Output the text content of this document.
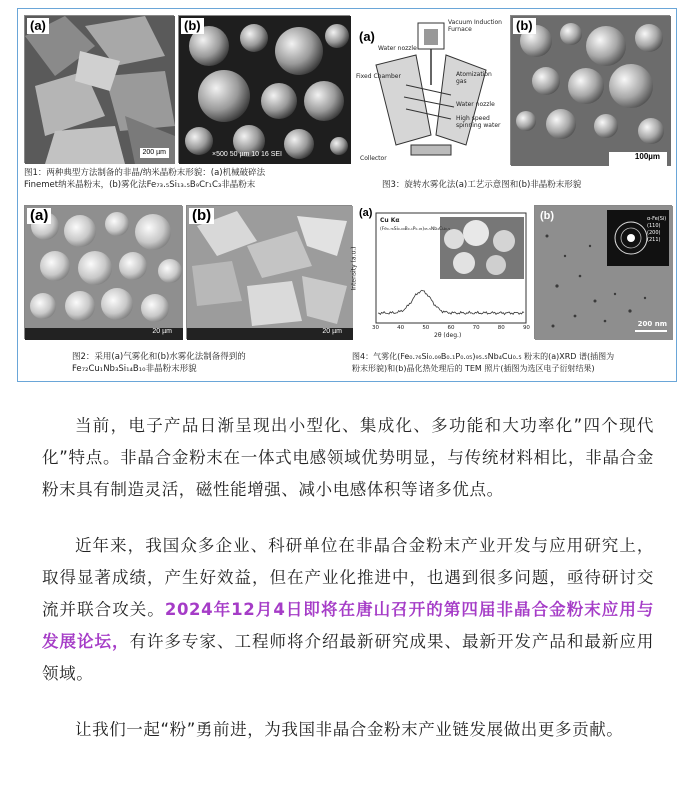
(a)
200 µm
(b)
×500 50 µm 10 16 SEI
图1：两种典型方法制备的非晶/纳米晶粉末形貌：(a)机械破碎法
Finemet纳米晶粉末，(b)雾化法Fe₇₃.₅Si₁₃.₅B₉Cr₁C₃非晶粉末
(a)
Vacuum Induction Furnace
Water nozzle
Fixed Chamber	Atomization gas
Water nozzle
High speed spinning water
Collector
(b)
100µm
图3：旋转水雾化法(a)工艺示意图和(b)非晶粉末形貌
(a)
20 µm
(b)
20 µm
图2：采用(a)气雾化和(b)水雾化法制备得到的
Fe₇₂Cu₁Nb₃Si₁₄B₁₀非晶粉末形貌
(a)
Cu Kα
(Fe₀.₇₆Si₀.₀₉B₀.₁P₀.₀₅)₉₅.₅Nb₄Cu₀.₅
Intensity (a.u.)
30	40	50	60	70	80	90
2θ (deg.)
(b)	α-Fe(Si)
(110)
(200)
(211)
200 nm
图4：气雾化(Fe₀.₇₆Si₀.₀₉B₀.₁P₀.₀₅)₉₅.₅Nb₄Cu₀.₅ 粉末的(a)XRD 谱(插图为
粉末形貌)和(b)晶化热处理后的 TEM 照片(插图为选区电子衍射结果)

当前，电子产品日渐呈现出小型化、集成化、多功能和大功率化”四个现代化”特点。非晶合金粉末在一体式电感领域优势明显，与传统材料相比，非晶合金粉末具有制造灵活，磁性能增强、减小电感体积等诸多优点。

近年来，我国众多企业、科研单位在非晶合金粉末产业开发与应用研究上，取得显著成绩，产生好效益，但在产业化推进中，也遇到很多问题，亟待研讨交流并联合攻关。2024年12月4日即将在唐山召开的第四届非晶合金粉末应用与发展论坛，有许多专家、工程师将介绍最新研究成果、最新开发产品和最新应用领域。

让我们一起“粉”勇前进，为我国非晶合金粉末产业链发展做出更多贡献。
